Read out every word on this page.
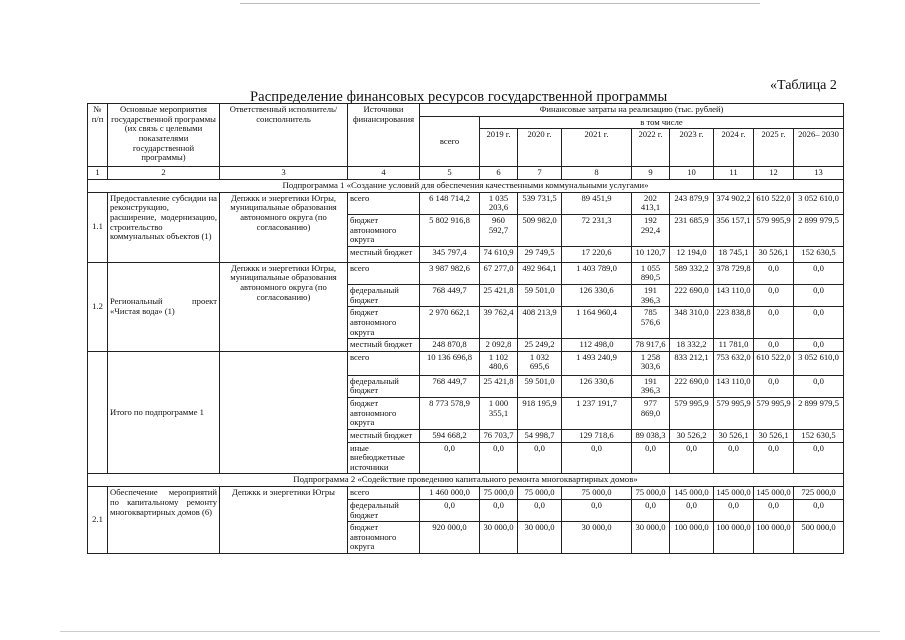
«Таблица 2
Распределение финансовых ресурсов государственной программы
№ п/п	Основные мероприятия государственной программы (их связь с целевыми показателями государственной программы)	Ответственный исполнитель/соисполнитель	Источники финансирования	Финансовые затраты на реализацию (тыс. рублей)								
				всего	в том числе							
					2019 г.	2020 г.	2021 г.	2022 г.	2023 г.	2024 г.	2025 г.	2026– 2030
1	2	3	4	5	6	7	8	9	10	11	12	13
Подпрограмма 1 «Создание условий для обеспечения качественными коммунальными услугами»												
1.1	Предоставление субсидии на реконструкцию, расширение, модернизацию, строительство коммунальных объектов (1)	Депжкк и энергетики Югры, муниципальные образования автономного округа (по согласованию)	всего	6 148 714,2	1 035 203,6	539 731,5	89 451,9	202 413,1	243 879,9	374 902,2	610 522,0	3 052 610,0
			бюджет автономного округа	5 802 916,8	960 592,7	509 982,0	72 231,3	192 292,4	231 685,9	356 157,1	579 995,9	2 899 979,5
			местный бюджет	345 797,4	74 610,9	29 749,5	17 220,6	10 120,7	12 194,0	18 745,1	30 526,1	152 630,5
1.2	Региональный проект «Чистая вода» (1)	Депжкк и энергетики Югры, муниципальные образования автономного округа (по согласованию)	всего	3 987 982,6	67 277,0	492 964,1	1 403 789,0	1 055 890,5	589 332,2	378 729,8	0,0	0,0
			федеральный бюджет	768 449,7	25 421,8	59 501,0	126 330,6	191 396,3	222 690,0	143 110,0	0,0	0,0
			бюджет автономного округа	2 970 662,1	39 762,4	408 213,9	1 164 960,4	785 576,6	348 310,0	223 838,8	0,0	0,0
			местный бюджет	248 870,8	2 092,8	25 249,2	112 498,0	78 917,6	18 332,2	11 781,0	0,0	0,0
	Итого по подпрограмме 1		всего	10 136 696,8	1 102 480,6	1 032 695,6	1 493 240,9	1 258 303,6	833 212,1	753 632,0	610 522,0	3 052 610,0
			федеральный бюджет	768 449,7	25 421,8	59 501,0	126 330,6	191 396,3	222 690,0	143 110,0	0,0	0,0
			бюджет автономного округа	8 773 578,9	1 000 355,1	918 195,9	1 237 191,7	977 869,0	579 995,9	579 995,9	579 995,9	2 899 979,5
			местный бюджет	594 668,2	76 703,7	54 998,7	129 718,6	89 038,3	30 526,2	30 526,1	30 526,1	152 630,5
			иные внебюджетные источники	0,0	0,0	0,0	0,0	0,0	0,0	0,0	0,0	0,0
Подпрограмма 2 «Содействие проведению капитального ремонта многоквартирных домов»												
2.1	Обеспечение мероприятий по капитальному ремонту многоквартирных домов (6)	Депжкк и энергетики Югры	всего	1 460 000,0	75 000,0	75 000,0	75 000,0	75 000,0	145 000,0	145 000,0	145 000,0	725 000,0
			федеральный бюджет	0,0	0,0	0,0	0,0	0,0	0,0	0,0	0,0	0,0
			бюджет автономного округа	920 000,0	30 000,0	30 000,0	30 000,0	30 000,0	100 000,0	100 000,0	100 000,0	500 000,0
